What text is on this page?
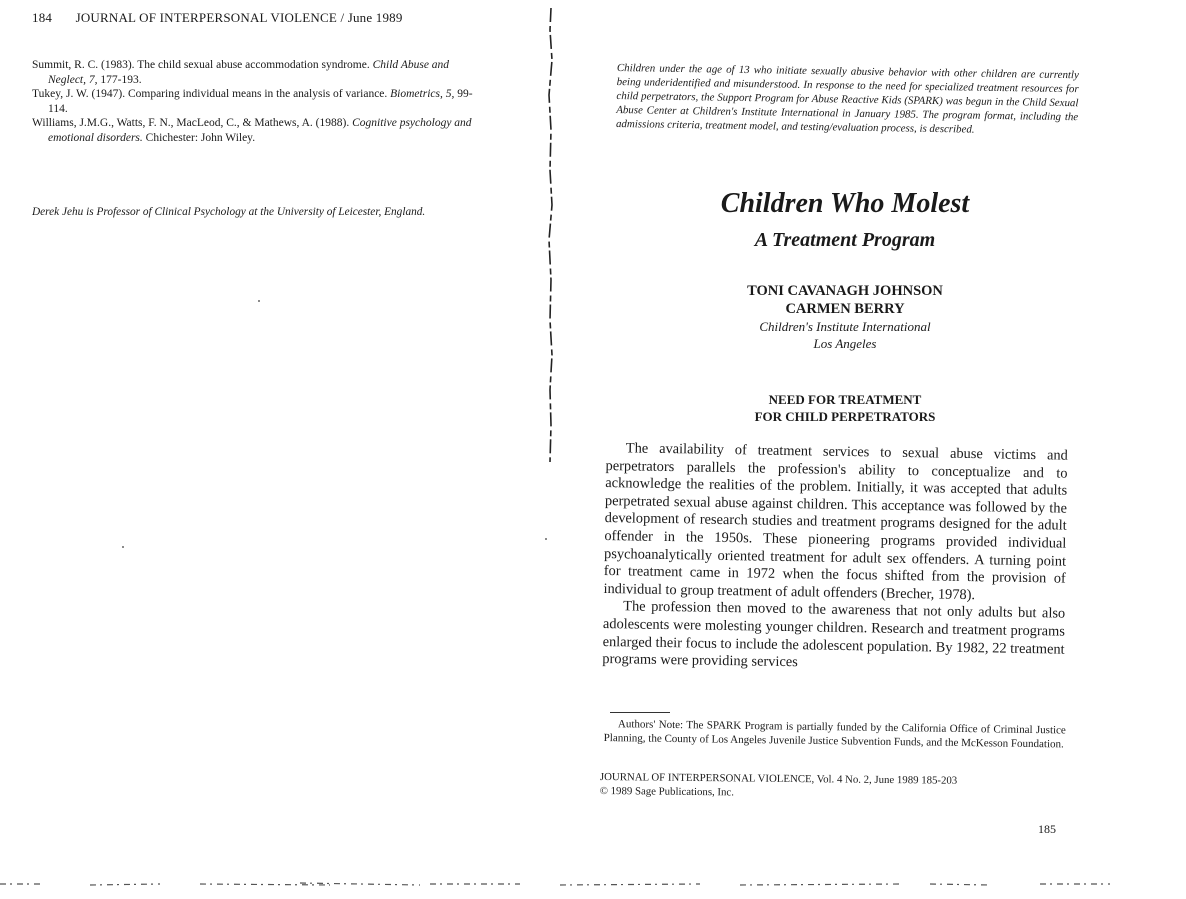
184 JOURNAL OF INTERPERSONAL VIOLENCE / June 1989

Summit, R. C. (1983). The child sexual abuse accommodation syndrome. Child Abuse and Neglect, 7, 177-193.

Tukey, J. W. (1947). Comparing individual means in the analysis of variance. Biometrics, 5, 99-114.

Williams, J.M.G., Watts, F. N., MacLeod, C., & Mathews, A. (1988). Cognitive psychology and emotional disorders. Chichester: John Wiley.

Derek Jehu is Professor of Clinical Psychology at the University of Leicester, England.
Children under the age of 13 who initiate sexually abusive behavior with other children are currently being underidentified and misunderstood. In response to the need for specialized treatment resources for child perpetrators, the Support Program for Abuse Reactive Kids (SPARK) was begun in the Child Sexual Abuse Center at Children's Institute International in January 1985. The program format, including the admissions criteria, treatment model, and testing/evaluation process, is described.
Children Who Molest
A Treatment Program
TONI CAVANAGH JOHNSON
CARMEN BERRY
Children's Institute International
Los Angeles
NEED FOR TREATMENT
FOR CHILD PERPETRATORS

The availability of treatment services to sexual abuse victims and perpetrators parallels the profession's ability to conceptualize and to acknowledge the realities of the problem. Initially, it was accepted that adults perpetrated sexual abuse against children. This acceptance was followed by the development of research studies and treatment programs designed for the adult offender in the 1950s. These pioneering programs provided individual psychoanalytically oriented treatment for adult sex offenders. A turning point for treatment came in 1972 when the focus shifted from the provision of individual to group treatment of adult offenders (Brecher, 1978).

The profession then moved to the awareness that not only adults but also adolescents were molesting younger children. Research and treatment programs enlarged their focus to include the adolescent population. By 1982, 22 treatment programs were providing services

Authors' Note: The SPARK Program is partially funded by the California Office of Criminal Justice Planning, the County of Los Angeles Juvenile Justice Subvention Funds, and the McKesson Foundation.
JOURNAL OF INTERPERSONAL VIOLENCE, Vol. 4 No. 2, June 1989 185-203
© 1989 Sage Publications, Inc.
185
